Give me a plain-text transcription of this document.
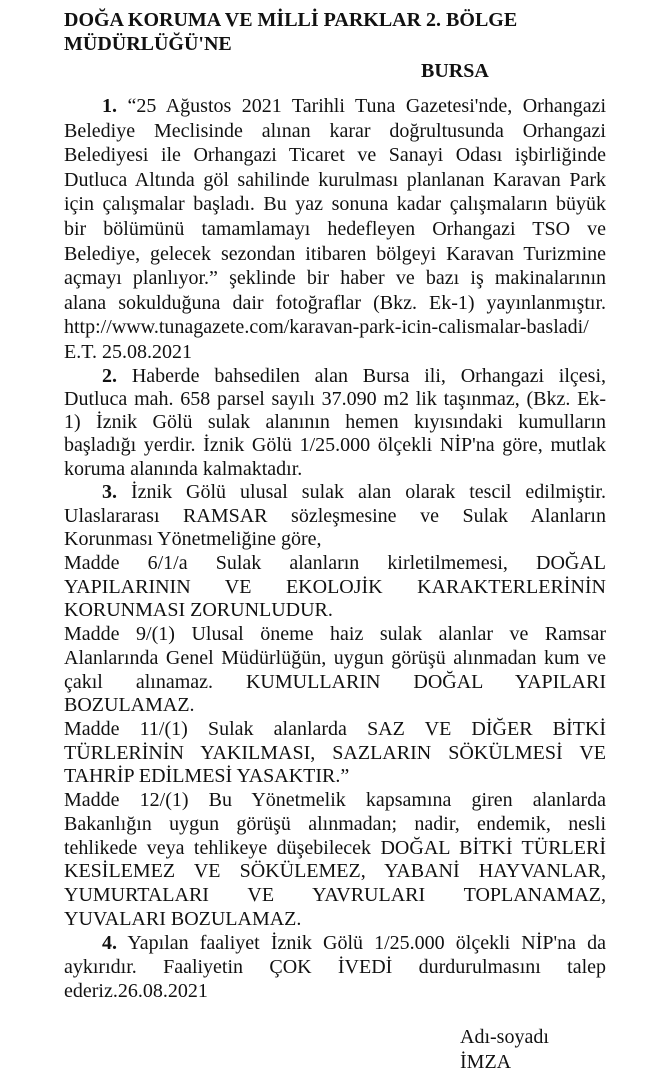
DOĞA KORUMA VE MİLLİ PARKLAR 2. BÖLGE
MÜDÜRLÜĞÜ'NE
BURSA
1. “25 Ağustos 2021 Tarihli Tuna Gazetesi'nde, Orhangazi
Belediye Meclisinde alınan karar doğrultusunda Orhangazi
Belediyesi ile Orhangazi Ticaret ve Sanayi Odası işbirliğinde
Dutluca Altında göl sahilinde kurulması planlanan Karavan Park
için çalışmalar başladı. Bu yaz sonuna kadar çalışmaların büyük
bir bölümünü tamamlamayı hedefleyen Orhangazi TSO ve
Belediye, gelecek sezondan itibaren bölgeyi Karavan Turizmine
açmayı planlıyor.” şeklinde bir haber ve bazı iş makinalarının
alana sokulduğuna dair fotoğraflar (Bkz. Ek-1) yayınlanmıştır.
http://www.tunagazete.com/karavan-park-icin-calismalar-basladi/
E.T. 25.08.2021
2. Haberde bahsedilen alan Bursa ili, Orhangazi ilçesi,
Dutluca mah. 658 parsel sayılı 37.090 m2 lik taşınmaz, (Bkz. Ek-
1) İznik Gölü sulak alanının hemen kıyısındaki kumulların
başladığı yerdir. İznik Gölü 1/25.000 ölçekli NİP'na göre, mutlak
koruma alanında kalmaktadır.
3. İznik Gölü ulusal sulak alan olarak tescil edilmiştir.
Ulaslararası RAMSAR sözleşmesine ve Sulak Alanların
Korunması Yönetmeliğine göre,
Madde 6/1/a Sulak alanların kirletilmemesi, DOĞAL
YAPILARININ VE EKOLOJİK KARAKTERLERİNİN
KORUNMASI ZORUNLUDUR.
Madde 9/(1) Ulusal öneme haiz sulak alanlar ve Ramsar
Alanlarında Genel Müdürlüğün, uygun görüşü alınmadan kum ve
çakıl alınamaz. KUMULLARIN DOĞAL YAPILARI
BOZULAMAZ.
Madde 11/(1) Sulak alanlarda SAZ VE DİĞER BİTKİ
TÜRLERİNİN YAKILMASI, SAZLARIN SÖKÜLMESİ VE
TAHRİP EDİLMESİ YASAKTIR.”
Madde 12/(1) Bu Yönetmelik kapsamına giren alanlarda
Bakanlığın uygun görüşü alınmadan; nadir, endemik, nesli
tehlikede veya tehlikeye düşebilecek DOĞAL BİTKİ TÜRLERİ
KESİLEMEZ VE SÖKÜLEMEZ, YABANİ HAYVANLAR,
YUMURTALARI VE YAVRULARI TOPLANAMAZ,
YUVALARI BOZULAMAZ.
4. Yapılan faaliyet İznik Gölü 1/25.000 ölçekli NİP'na da
aykırıdır. Faaliyetin ÇOK İVEDİ durdurulmasını talep
ederiz.26.08.2021
Adı-soyadı
İMZA
